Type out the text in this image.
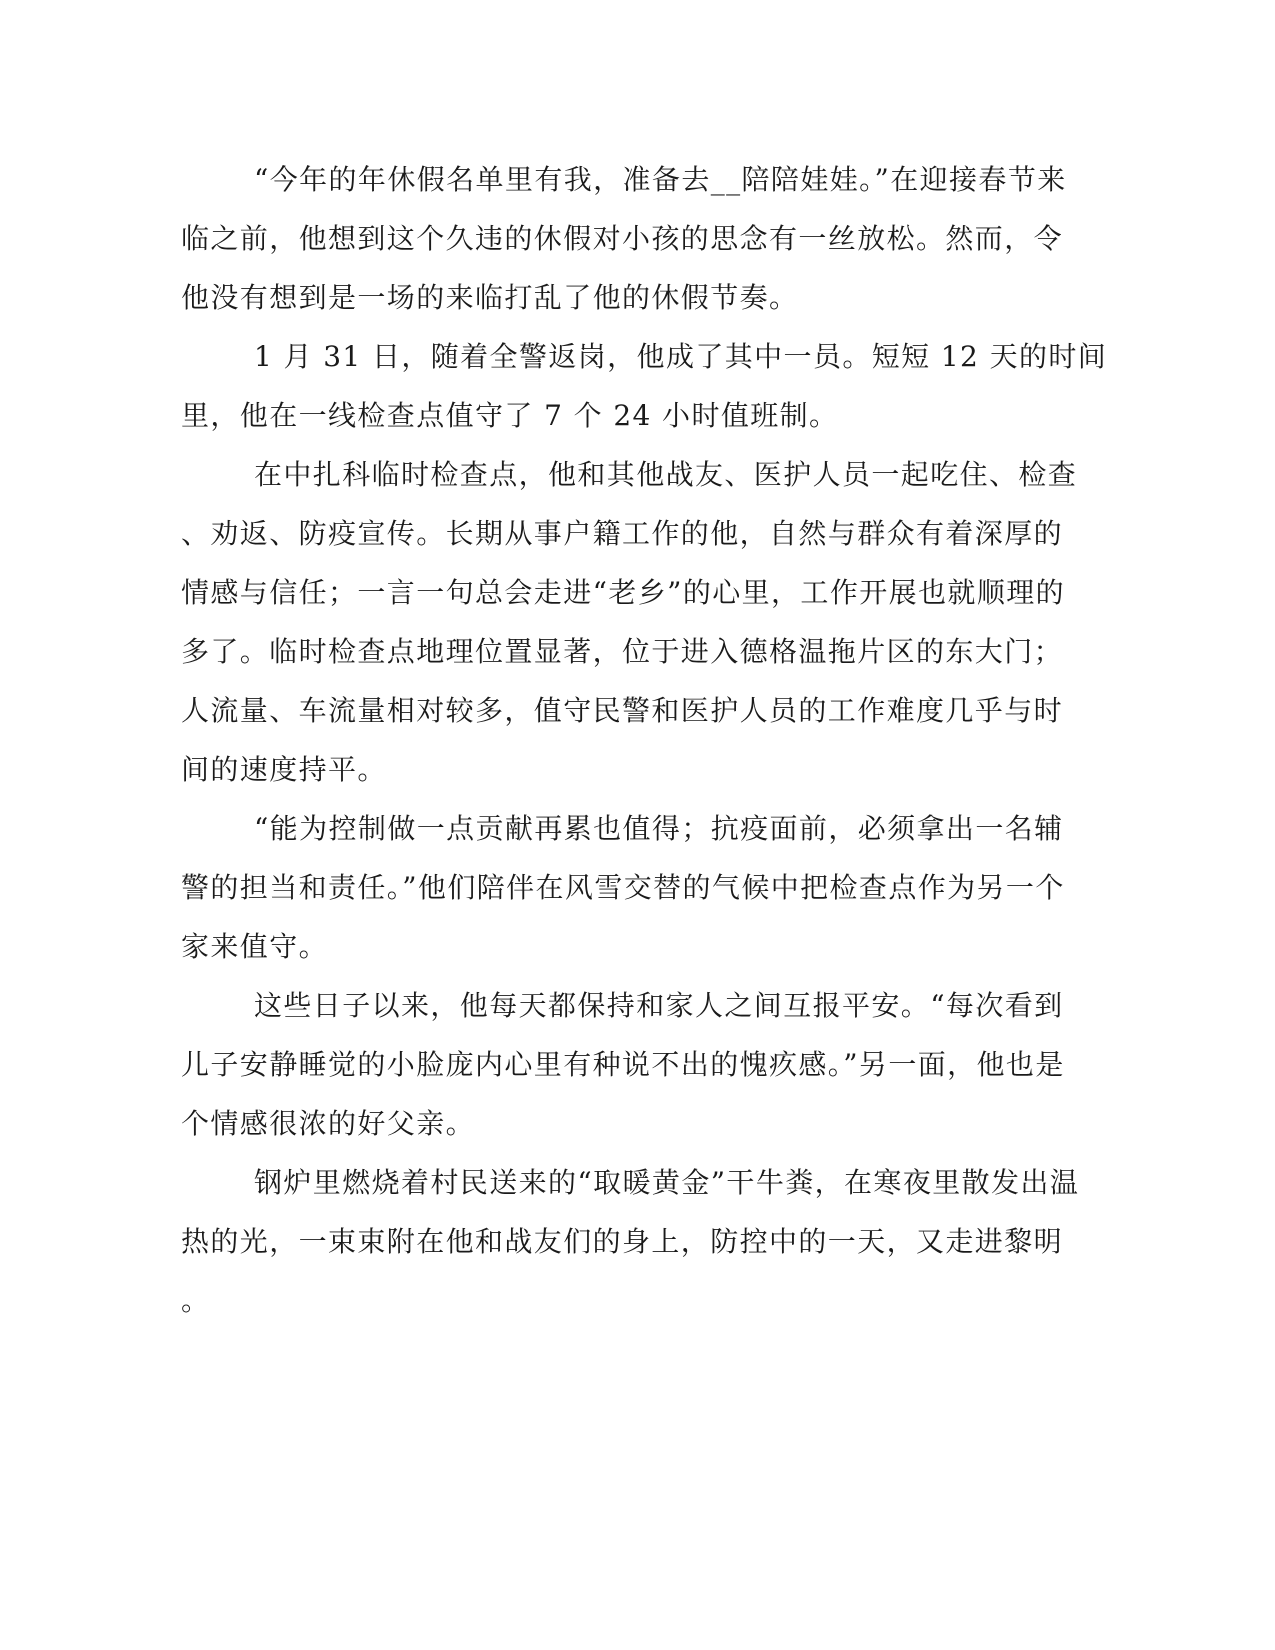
“今年的年休假名单里有我，准备去__陪陪娃娃。”在迎接春节来
临之前，他想到这个久违的休假对小孩的思念有一丝放松。然而，令
他没有想到是一场的来临打乱了他的休假节奏。

1 月 31 日，随着全警返岗，他成了其中一员。短短 12 天的时间
里，他在一线检查点值守了 7 个 24 小时值班制。

在中扎科临时检查点，他和其他战友、医护人员一起吃住、检查
、劝返、防疫宣传。长期从事户籍工作的他，自然与群众有着深厚的
情感与信任；一言一句总会走进“老乡”的心里，工作开展也就顺理的
多了。临时检查点地理位置显著，位于进入德格温拖片区的东大门；
人流量、车流量相对较多，值守民警和医护人员的工作难度几乎与时
间的速度持平。

“能为控制做一点贡献再累也值得；抗疫面前，必须拿出一名辅
警的担当和责任。”他们陪伴在风雪交替的气候中把检查点作为另一个
家来值守。

这些日子以来，他每天都保持和家人之间互报平安。“每次看到
儿子安静睡觉的小脸庞内心里有种说不出的愧疚感。”另一面，他也是
个情感很浓的好父亲。

钢炉里燃烧着村民送来的“取暖黄金”干牛粪，在寒夜里散发出温
热的光，一束束附在他和战友们的身上，防控中的一天，又走进黎明
。
